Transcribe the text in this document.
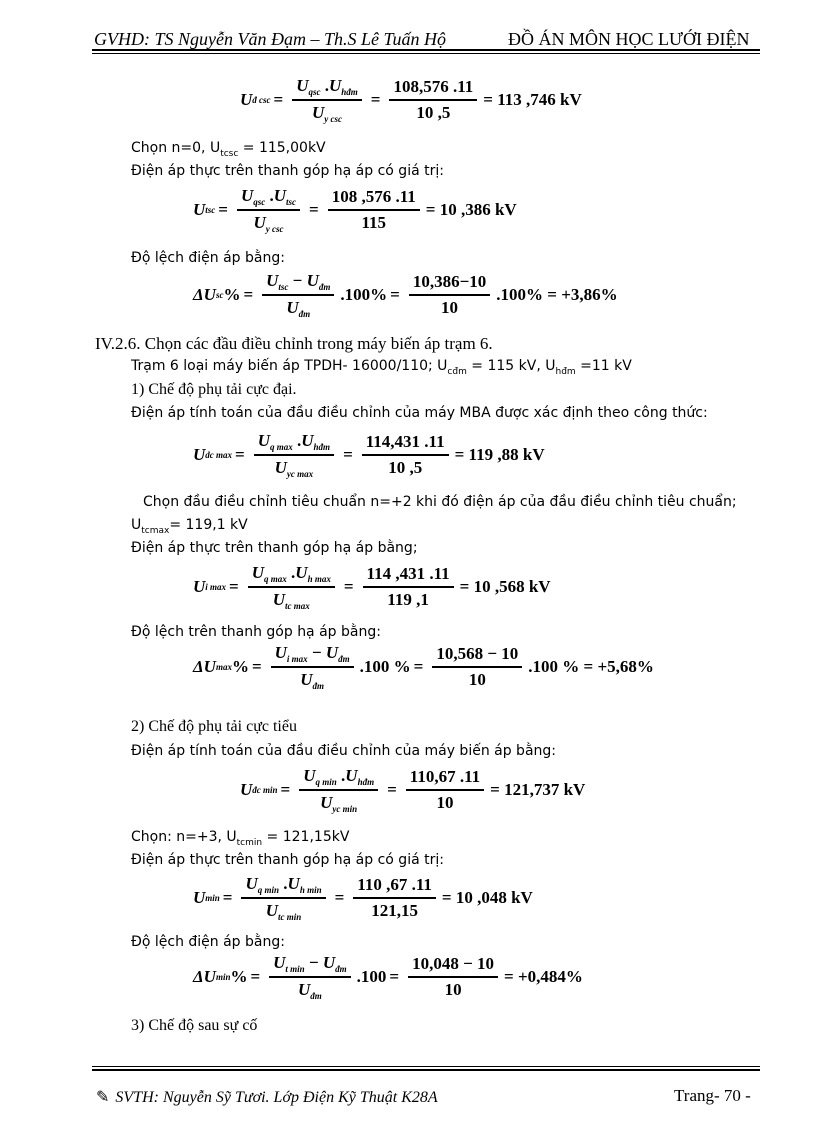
GVHD: TS Nguyễn Văn Đạm – Th.S Lê Tuấn Hộ	ĐỒ ÁN MÔN HỌC LƯỚI ĐIỆN
U đ $\csc = \frac{U_{qsc} .U_{hđm}}{U_{y csc}} = \frac{108,576 .11}{10 ,5} = 113$ ,746 kV
Chọn n=0, $U_{tcsc} = 115,00kV$
Điện áp thực trên thanh góp hạ áp có giá trị:
U tsc = $\frac{U_{qsc} .U_{tsc}}{U_{y csc}} = \frac{108 ,576 .11}{115} = 10$ ,386 kV
Độ lệch điện áp bằng:
ΔU sc % = $\frac{U_{tsc} - U_{đm}}{U_{đm}} .100\% = \frac{10,386-10}{10} .100\% = +3,86\%$
IV.2.6. Chọn các đầu điều chỉnh trong máy biến áp trạm 6.
Trạm 6 loại máy biến áp TPDH- 16000/110; $U_{cđm} = 115$ kV, $U_{hđm} =11$ kV
1) Chế độ phụ tải cực đại.
Điện áp tính toán của đầu điều chỉnh của máy MBA được xác định theo công thức:
U dc $\max = \frac{U_{q max} .U_{hđm}}{U_{yc max}} = \frac{114,431 .11}{10 ,5} = 119$ ,88 kV
Chọn đầu điều chỉnh tiêu chuẩn n=+2 khi đó điện áp của đầu điều chỉnh tiêu chuẩn;
$U_{tcmax}= 119,1$ kV
Điện áp thực trên thanh góp hạ áp bằng;
U i $\max = \frac{U_{q max} .U_{h max}}{U_{tc max}} = \frac{114 ,431 .11}{119 ,1} = 10$ ,568 kV
Độ lệch trên thanh góp hạ áp bằng:
ΔU max % = $\frac{U_{i max} - U_{đm}}{U_{đm}} .100$ % = $\frac{10,568 - 10}{10} .100$ % = +5,68%
2) Chế độ phụ tải cực tiểu
Điện áp tính toán của đầu điều chỉnh của máy biến áp bằng:
U đc $\min = \frac{U_{q min} .U_{hđm}}{U_{yc min}} = \frac{110,67 .11}{10} = 121,737$ kV
Chọn: n=+3, $U_{tcmin} = 121,15kV$
Điện áp thực trên thanh góp hạ áp có giá trị:
U $\min = \frac{U_{q min} .U_{h min}}{U_{tc min}} = \frac{110 ,67 .11}{121,15} = 10$ ,048 kV
Độ lệch điện áp bằng:
ΔU min % = $\frac{U_{t min} - U_{đm}}{U_{đm}} .100 = \frac{10,048 - 10}{10} = +0,484\%$
3) Chế độ sau sự cố
✎ SVTH: Nguyễn Sỹ Tươi. Lớp Điện Kỹ Thuật K28A	Trang- 70 -
